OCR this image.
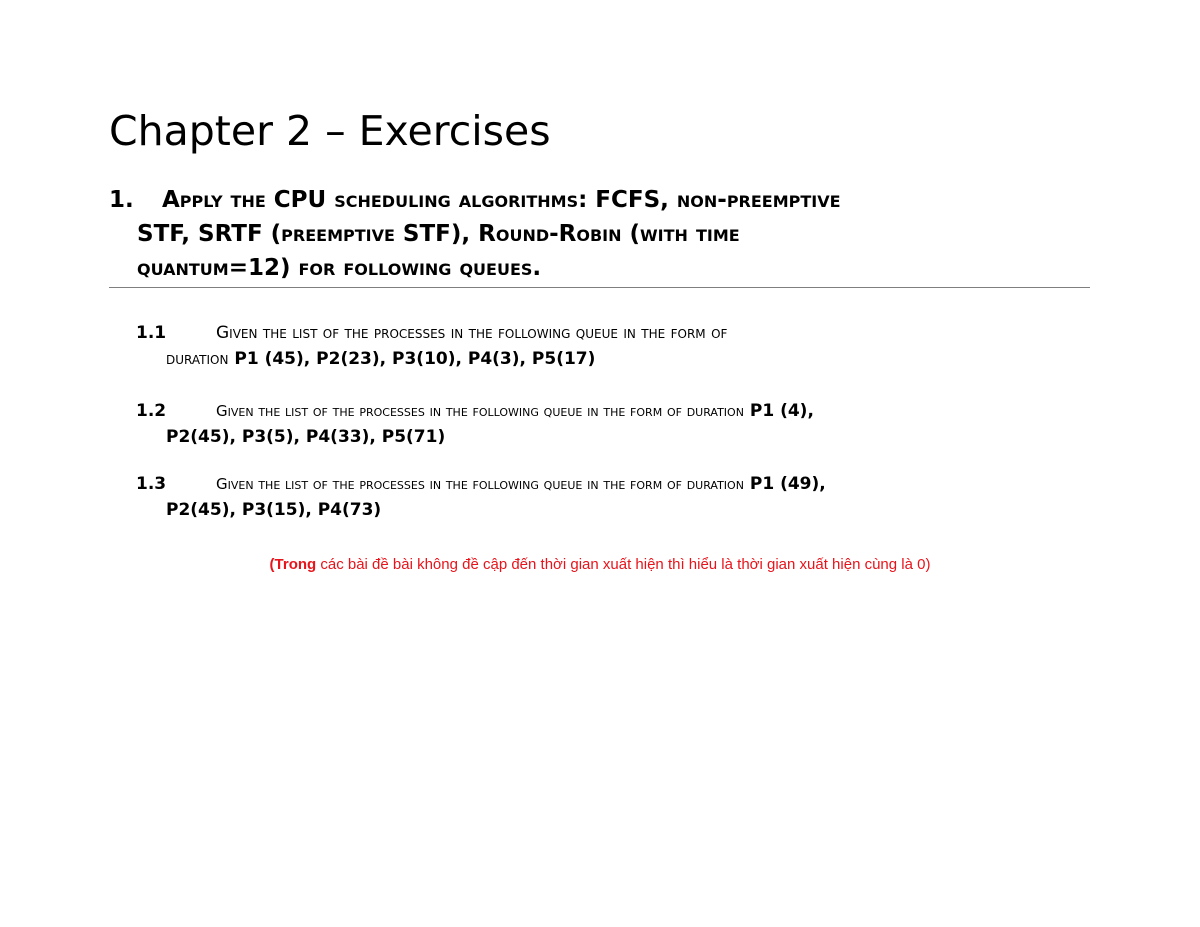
Chapter 2 – Exercises
1. Apply the CPU scheduling algorithms: FCFS, non-preemptive
STF, SRTF (preemptive STF), Round-Robin (with time
quantum=12) for following queues.
1.1	Given the list of the processes in the following queue in the form of
duration P1 (45), P2(23), P3(10), P4(3), P5(17)
1.2	Given the list of the processes in the following queue in the form of duration P1 (4),
P2(45), P3(5), P4(33), P5(71)
1.3	Given the list of the processes in the following queue in the form of duration P1 (49),
P2(45), P3(15), P4(73)

(Trong các bài đề bài không đề cập đến thời gian xuất hiện thì hiểu là thời gian xuất hiện cùng là 0)
